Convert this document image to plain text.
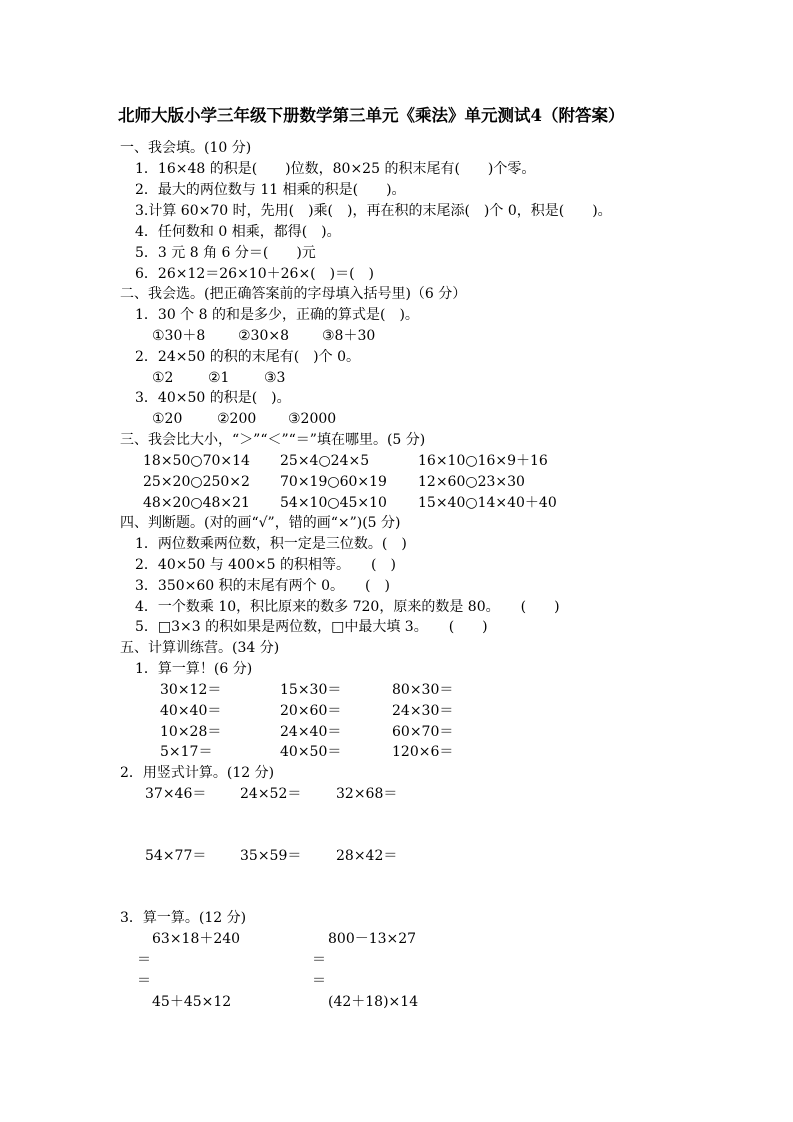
北师大版小学三年级下册数学第三单元《乘法》单元测试4（附答案）
一、我会填。(10 分)
1．16×48 的积是(　　)位数，80×25 的积末尾有(　　)个零。
2．最大的两位数与 11 相乘的积是(　　)。
3.计算 60×70 时，先用(　)乘(　)，再在积的末尾添(　)个 0，积是(　　)。
4．任何数和 0 相乘，都得(　)。
5．3 元 8 角 6 分＝(　　)元
6．26×12＝26×10＋26×(　)＝(　)
二、我会选。(把正确答案前的字母填入括号里)（6 分）
1．30 个 8 的和是多少，正确的算式是(　)。
①30＋8 ②30×8 ③8＋30
2．24×50 的积的末尾有(　)个 0。
①2 ②1 ③3
3．40×50 的积是(　)。
①20 ②200 ③2000
三、我会比大小，“＞”“＜”“＝”填在哪里。(5 分)
18×50○70×14 25×4○24×5	16×10○16×9＋16
25×20○250×2 70×19○60×19 12×60○23×30
48×20○48×21 54×10○45×10 15×40○14×40＋40
四、判断题。(对的画“√”，错的画“×”)(5 分)
1．两位数乘两位数，积一定是三位数。(　)
2．40×50 与 400×5 的积相等。　　(　)
3．350×60 积的末尾有两个 0。　　(　)
4．一个数乘 10，积比原来的数多 720，原来的数是 80。　　(　　)
5．□3×3 的积如果是两位数，□中最大填 3。　　(　　)
五、计算训练营。(34 分)
1．算一算！(6 分)
30×12＝	15×30＝	80×30＝
40×40＝	20×60＝	24×30＝
10×28＝	24×40＝	60×70＝
5×17＝	40×50＝	120×6＝
2．用竖式计算。(12 分)
37×46＝ 24×52＝ 32×68＝
54×77＝ 35×59＝ 28×42＝
3．算一算。(12 分)
63×18＋240	800－13×27
＝	＝
＝	＝
45＋45×12	(42＋18)×14
